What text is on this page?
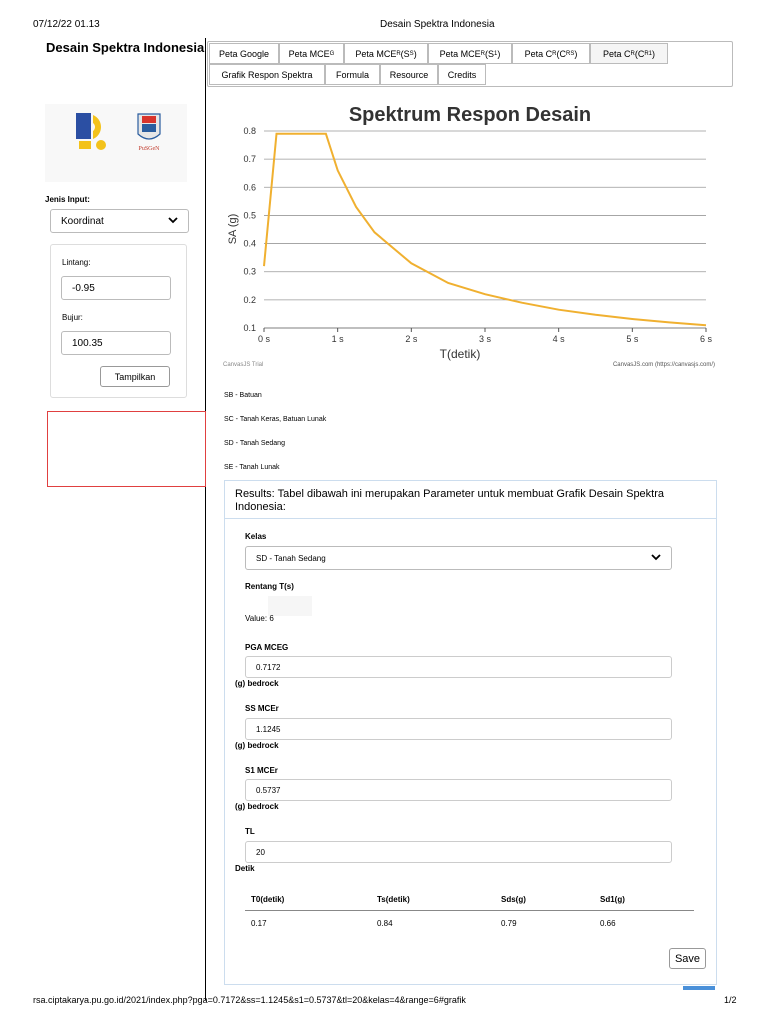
07/12/22 01.13	Desain Spektra Indonesia
Desain Spektra Indonesia
PuSGeN
Jenis Input:
Koordinat
Lintang:
-0.95
Bujur:
100.35
Tampilkan
Peta Google	Peta MCE G Peta MCE R (S S )	Peta MCE R (S 1 )	Peta C R (C RS )	Peta C R (C R1 )
Grafik Respon Spektra	Formula	Resource	Credits
Spektrum Respon Desain
0.1
0.2
0.3
0.4
0.5
0.6
0.7
0.8
0 s	1 s	2 s	3 s	4 s	5 s	6 s
T(detik)
SA (g)
CanvasJS Trial	CanvasJS.com (https://canvasjs.com/)
SB - Batuan
SC - Tanah Keras, Batuan Lunak
SD - Tanah Sedang
SE - Tanah Lunak
Results: Tabel dibawah ini merupakan Parameter untuk membuat Grafik Desain Spektra Indonesia:
Kelas
SD - Tanah Sedang
Rentang T(s)
Value: 6
PGA MCEG
0.7172
(g) bedrock
SS MCEr
1.1245
(g) bedrock
S1 MCEr
0.5737
(g) bedrock
TL
20
Detik
T0(detik)	Ts(detik)	Sds(g)	Sd1(g)
0.17	0.84	0.79	0.66
Save
rsa.ciptakarya.pu.go.id/2021/index.php?pga=0.7172&ss=1.1245&s1=0.5737&tl=20&kelas=4&range=6#grafik	1/2
